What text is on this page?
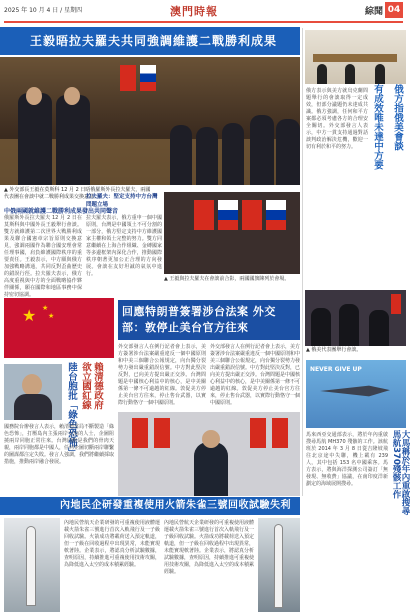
2025 年 10 月 4 日 / 星期四	澳門時報	綜聞 04
王毅晤拉夫羅夫共同強調維護二戰勝利成果
▲ 外交部長王毅在莫斯科 12 月 2 日晤俄羅斯外長拉夫羅夫，兩國代表團在會談中就二戰勝利成果交換意見。
中俄兩國就維護二戰勝利成果發出共同聲音
俄羅斯外長拉夫羅夫 12 月 2 日在莫斯科與中國外長王毅舉行會談。雙方就維護第二次世界大戰勝利成果及聯合國憲章宗旨原則交換意見，強調兩國作為聯合國安理會常任理事國，肩負維護國際秩序的重要責任。王毅表示，中方願與俄方加強戰略溝通，共同反對歪曲歷史的錯誤行徑。拉夫羅夫表示，俄方高度重視與中方的全面戰略協作夥伴關係，願在國際和地區事務中保持密切協調。
拉夫羅夫表示，俄方重申一個中國原則，台灣是中國領土不可分割的一部分，俄方堅定支持中方維護國家主權和領土完整的努力。雙方同意繼續在上海合作組織、金磚國家等多邊框架內深化合作，推動國際秩序朝著更加公正合理的方向發展。會談在友好坦誠的氣氛中進行。
拉夫羅夫：堅定支持中方台灣問題立場
▲ 王毅與拉夫羅夫在會談前合影，兩國國旗陳列於會場。
俄方指俄美會談
有成效唯未達中方要
俄方表示與美方就烏克蘭問題舉行的會談取得一定成效，但部分議題仍未達成共識。俄方強調，任何和平方案都必須考慮各方的合理安全關切。外交部發言人表示，中方一貫支持通過對話談判政治解決危機，歡迎一切有利於和平的努力。
▲ 俄美代表團舉行會談。
回應特朗普簽署涉台法案 外交部：敦停止美台官方往來
外交部發言人在例行記者會上表示，美方簽署涉台法案嚴重違反一個中國原則和中美三個聯合公報規定，向台獨分裂勢力發出嚴重錯誤信號。中方對此堅決反對，已向美方提出嚴正交涉。台灣問題是中國核心利益中的核心，是中美關係第一條不可逾越的紅線。敦促美方停止美台官方往來，停止售台武器，以實際行動恪守一個中國原則。
外交部發言人在例行記者會上表示，美方簽署涉台法案嚴重違反一個中國原則和中美三個聯合公報規定，向台獨分裂勢力發出嚴重錯誤信號。中方對此堅決反對，已向美方提出嚴正交涉。台灣問題是中國核心利益中的核心，是中美關係第一條不可逾越的紅線。敦促美方停止美台官方往來，停止售台武器，以實際行動恪守一個中國原則。
★ ★
★
賴清德政府
欲立國紅線
陸台胞批「綠色恐怖」
國務院台辦發言人表示，賴清德當局不斷製造「綠色恐怖」，打壓島內主張兩岸交流的人士，企圖阻撓兩岸同胞正常往來。台灣同胞是我們的骨肉天親，兩岸同胞都是中國人，任何企圖切斷兩岸聯繫的圖謀都注定失敗。發言人強調，我們將繼續採取措施，推動兩岸融合發展。
NEVER GIVE UP
大馬稱於年內重啟搜尋馬航370殘骸工作
馬來西亞交通部表示，將於年內重啟搜尋馬航 MH370 殘骸的工作。該航班於 2014 年 3 月 8 日從吉隆坡飛往北京途中失聯，機上載有 239 人，其中包括 153 名中國乘客。馬方表示，將與海洋探測公司簽訂「無發現、無收費」協議，在南印度洋新劃定的海域展開搜尋。
內地民企研發重複使用火箭朱雀三號回收試驗失利
內地民營航天企業研發的可重複使用液體運載火箭朱雀三號進行首次入軌飛行及一子級回收試驗。火箭成功將載荷送入預定軌道，但一子級在回收過程中出現異常，未能實現軟著陸。企業表示，將認真分析試驗數據，查明原因，持續推進可重複使用技術攻關，為降低進入太空的成本積累經驗。
內地民營航天企業研發的可重複使用液體運載火箭朱雀三號進行首次入軌飛行及一子級回收試驗。火箭成功將載荷送入預定軌道，但一子級在回收過程中出現異常，未能實現軟著陸。企業表示，將認真分析試驗數據，查明原因，持續推進可重複使用技術攻關，為降低進入太空的成本積累經驗。
